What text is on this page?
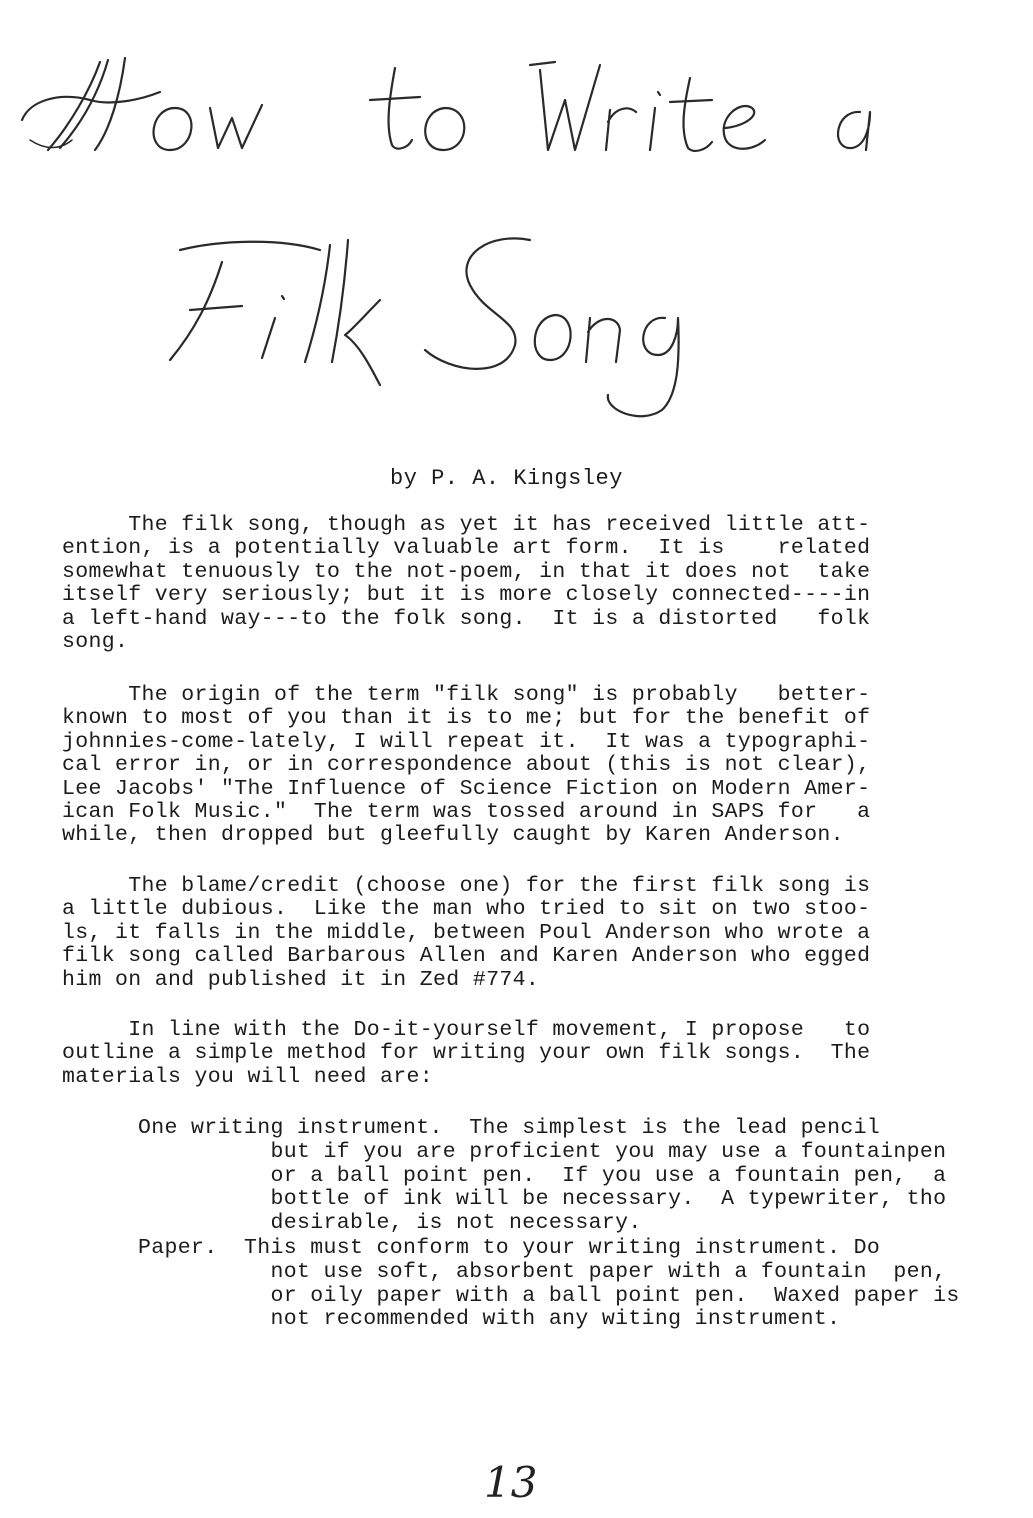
by P. A. Kingsley
The filk song, though as yet it has received little att-
ention, is a potentially valuable art form.  It is    related
somewhat tenuously to the not-poem, in that it does not  take
itself very seriously; but it is more closely connected----in
a left-hand way---to the folk song.  It is a distorted   folk
song.
The origin of the term "filk song" is probably   better-
known to most of you than it is to me; but for the benefit of
johnnies-come-lately, I will repeat it.  It was a typographi-
cal error in, or in correspondence about (this is not clear),
Lee Jacobs' "The Influence of Science Fiction on Modern Amer-
ican Folk Music."  The term was tossed around in SAPS for   a
while, then dropped but gleefully caught by Karen Anderson.
The blame/credit (choose one) for the first filk song is
a little dubious.  Like the man who tried to sit on two stoo-
ls, it falls in the middle, between Poul Anderson who wrote a
filk song called Barbarous Allen and Karen Anderson who egged
him on and published it in Zed #774.
In line with the Do-it-yourself movement, I propose   to
outline a simple method for writing your own filk songs.  The
materials you will need are:
One writing instrument.  The simplest is the lead pencil
but if you are proficient you may use a fountainpen
or a ball point pen.  If you use a fountain pen,  a
bottle of ink will be necessary.  A typewriter, tho
desirable, is not necessary.
Paper.  This must conform to your writing instrument. Do
not use soft, absorbent paper with a fountain  pen,
or oily paper with a ball point pen.  Waxed paper is
not recommended with any witing instrument.
13
